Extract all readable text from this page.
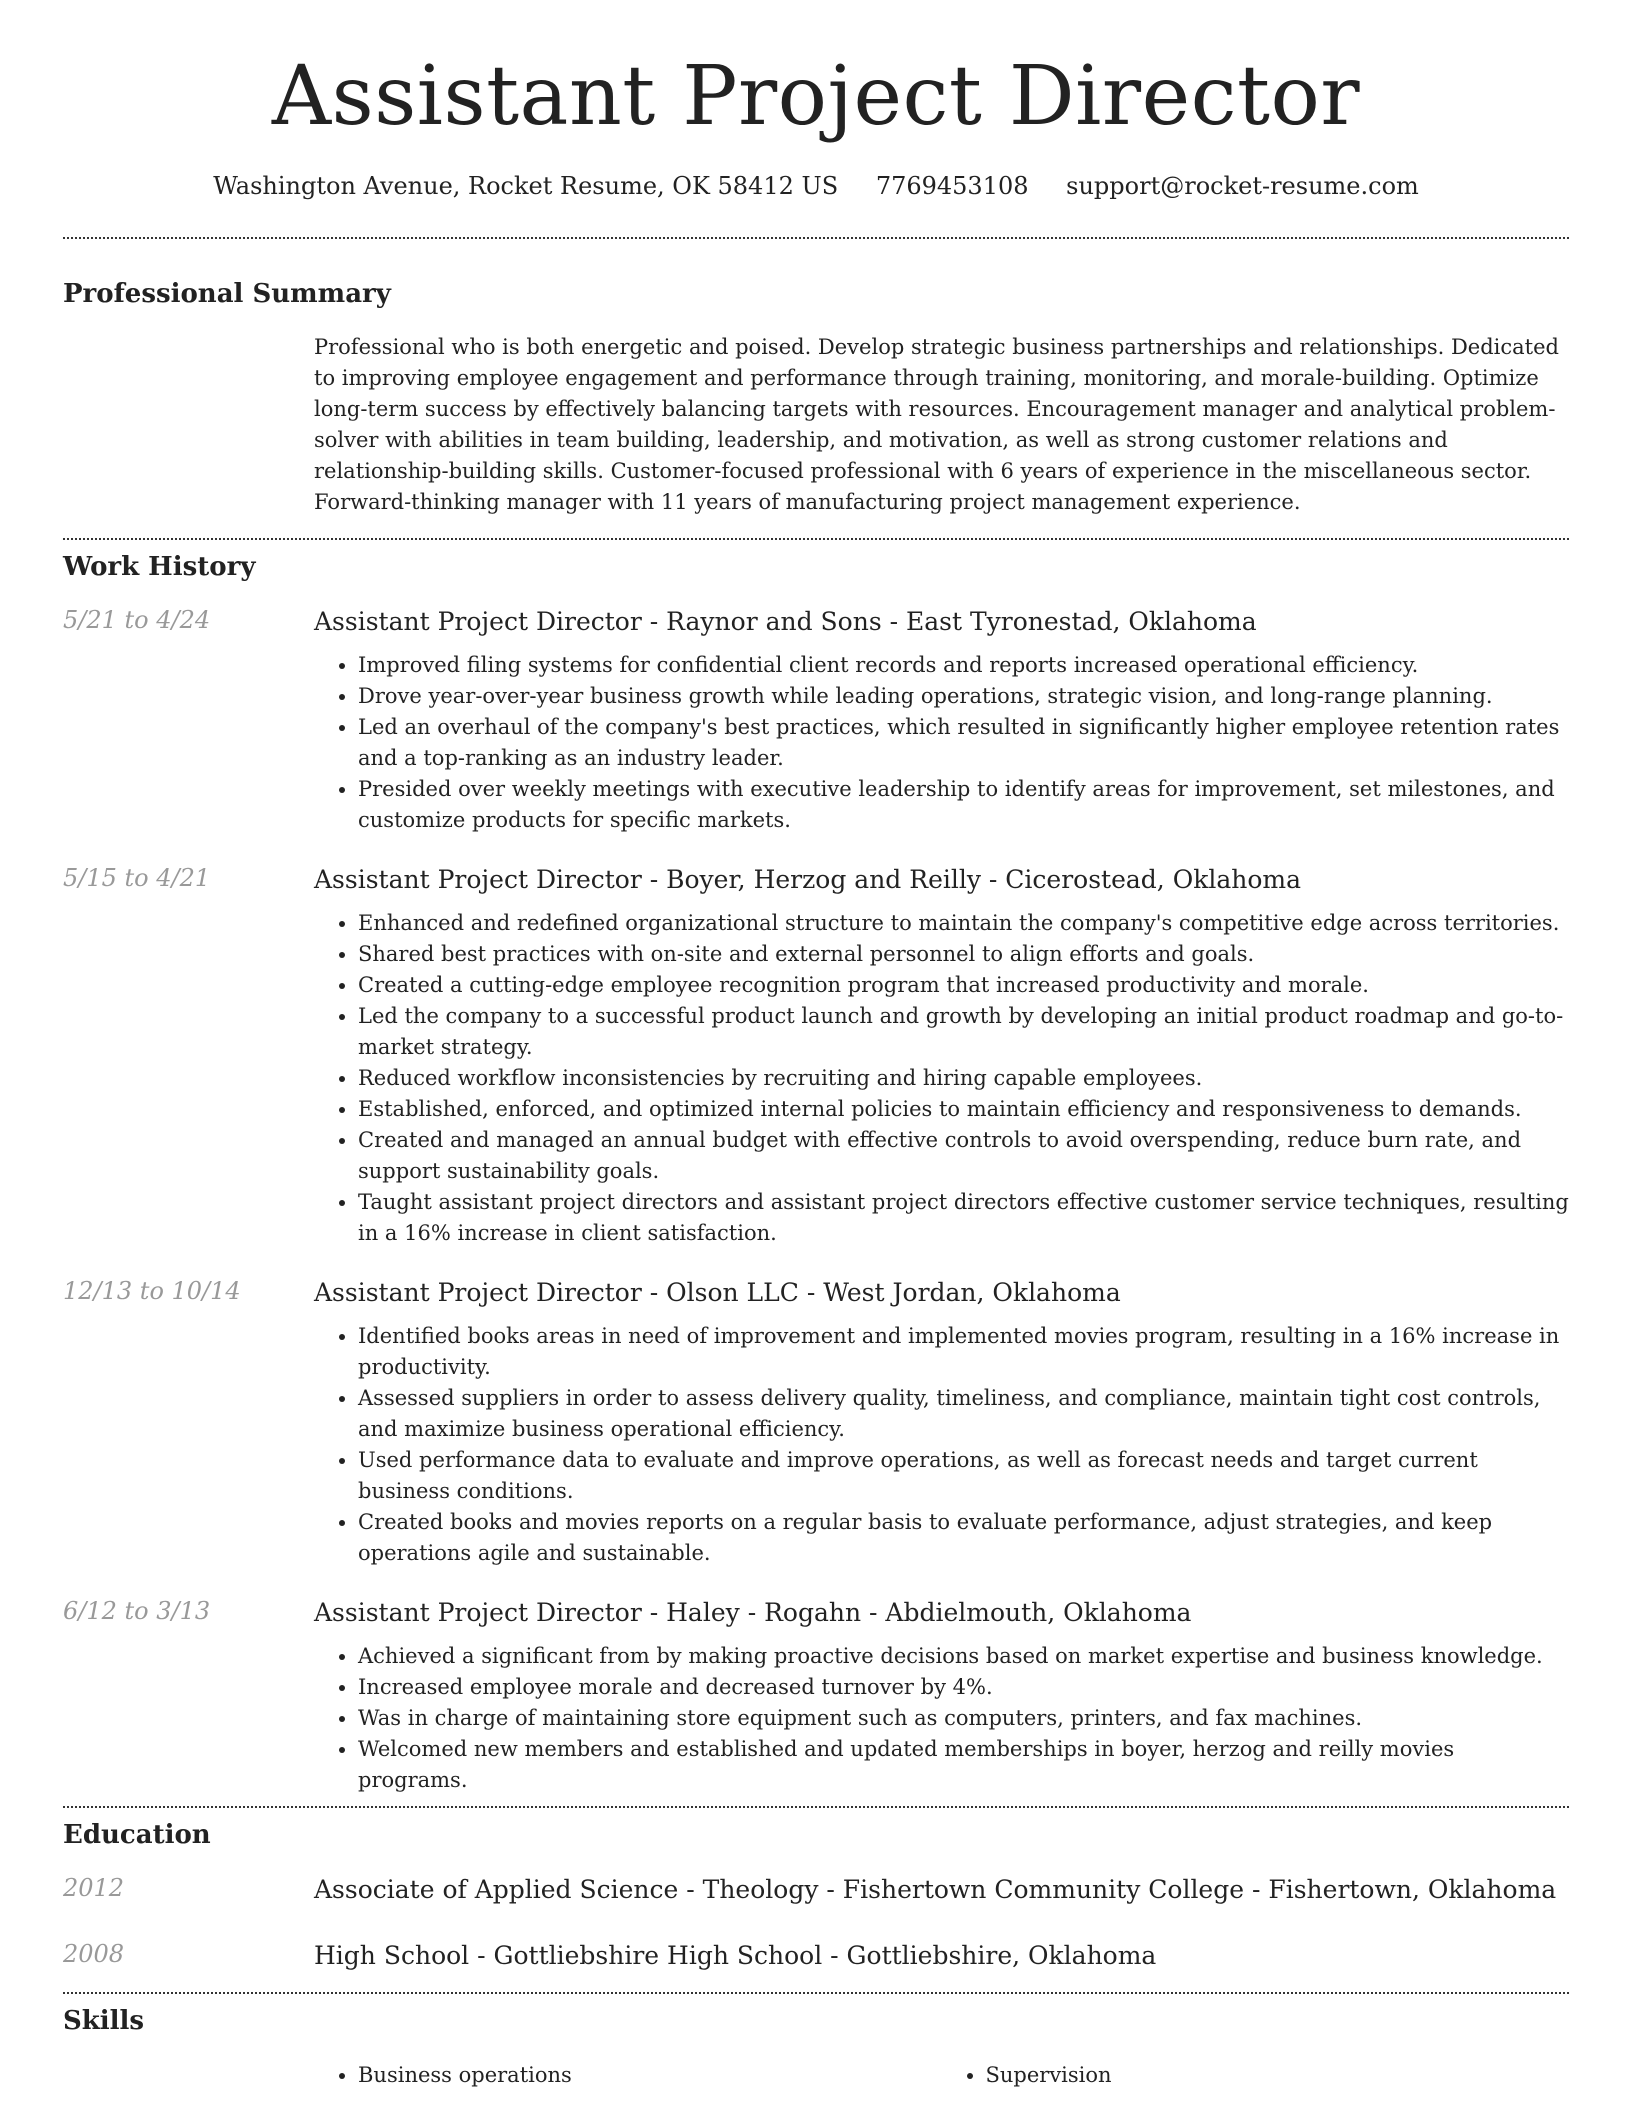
Assistant Project Director
Washington Avenue, Rocket Resume, OK 58412 US 7769453108 support@rocket-resume.com
Professional Summary
Professional who is both energetic and poised. Develop strategic business partnerships and relationships. Dedicated to improving employee engagement and performance through training, monitoring, and morale-building. Optimize long-term success by effectively balancing targets with resources. Encouragement manager and analytical problem-solver with abilities in team building, leadership, and motivation, as well as strong customer relations and relationship-building skills. Customer-focused professional with 6 years of experience in the miscellaneous sector. Forward-thinking manager with 11 years of manufacturing project management experience.
Work History
5/21 to 4/24	Assistant Project Director - Raynor and Sons - East Tyronestad, Oklahoma
• Improved filing systems for confidential client records and reports increased operational efficiency.
• Drove year-over-year business growth while leading operations, strategic vision, and long-range planning.
• Led an overhaul of the company's best practices, which resulted in significantly higher employee retention rates and a top-ranking as an industry leader.
• Presided over weekly meetings with executive leadership to identify areas for improvement, set milestones, and customize products for specific markets.
5/15 to 4/21	Assistant Project Director - Boyer, Herzog and Reilly - Cicerostead, Oklahoma
• Enhanced and redefined organizational structure to maintain the company's competitive edge across territories.
• Shared best practices with on-site and external personnel to align efforts and goals.
• Created a cutting-edge employee recognition program that increased productivity and morale.
• Led the company to a successful product launch and growth by developing an initial product roadmap and go-to-market strategy.
• Reduced workflow inconsistencies by recruiting and hiring capable employees.
• Established, enforced, and optimized internal policies to maintain efficiency and responsiveness to demands.
• Created and managed an annual budget with effective controls to avoid overspending, reduce burn rate, and support sustainability goals.
• Taught assistant project directors and assistant project directors effective customer service techniques, resulting in a 16% increase in client satisfaction.
12/13 to 10/14	Assistant Project Director - Olson LLC - West Jordan, Oklahoma
• Identified books areas in need of improvement and implemented movies program, resulting in a 16% increase in productivity.
• Assessed suppliers in order to assess delivery quality, timeliness, and compliance, maintain tight cost controls, and maximize business operational efficiency.
• Used performance data to evaluate and improve operations, as well as forecast needs and target current business conditions.
• Created books and movies reports on a regular basis to evaluate performance, adjust strategies, and keep operations agile and sustainable.
6/12 to 3/13	Assistant Project Director - Haley - Rogahn - Abdielmouth, Oklahoma
• Achieved a significant from by making proactive decisions based on market expertise and business knowledge.
• Increased employee morale and decreased turnover by 4%.
• Was in charge of maintaining store equipment such as computers, printers, and fax machines.
• Welcomed new members and established and updated memberships in boyer, herzog and reilly movies programs.
Education
2012	Associate of Applied Science - Theology - Fishertown Community College - Fishertown, Oklahoma
2008	High School - Gottliebshire High School - Gottliebshire, Oklahoma
Skills
• Business operations
•	Supervision
